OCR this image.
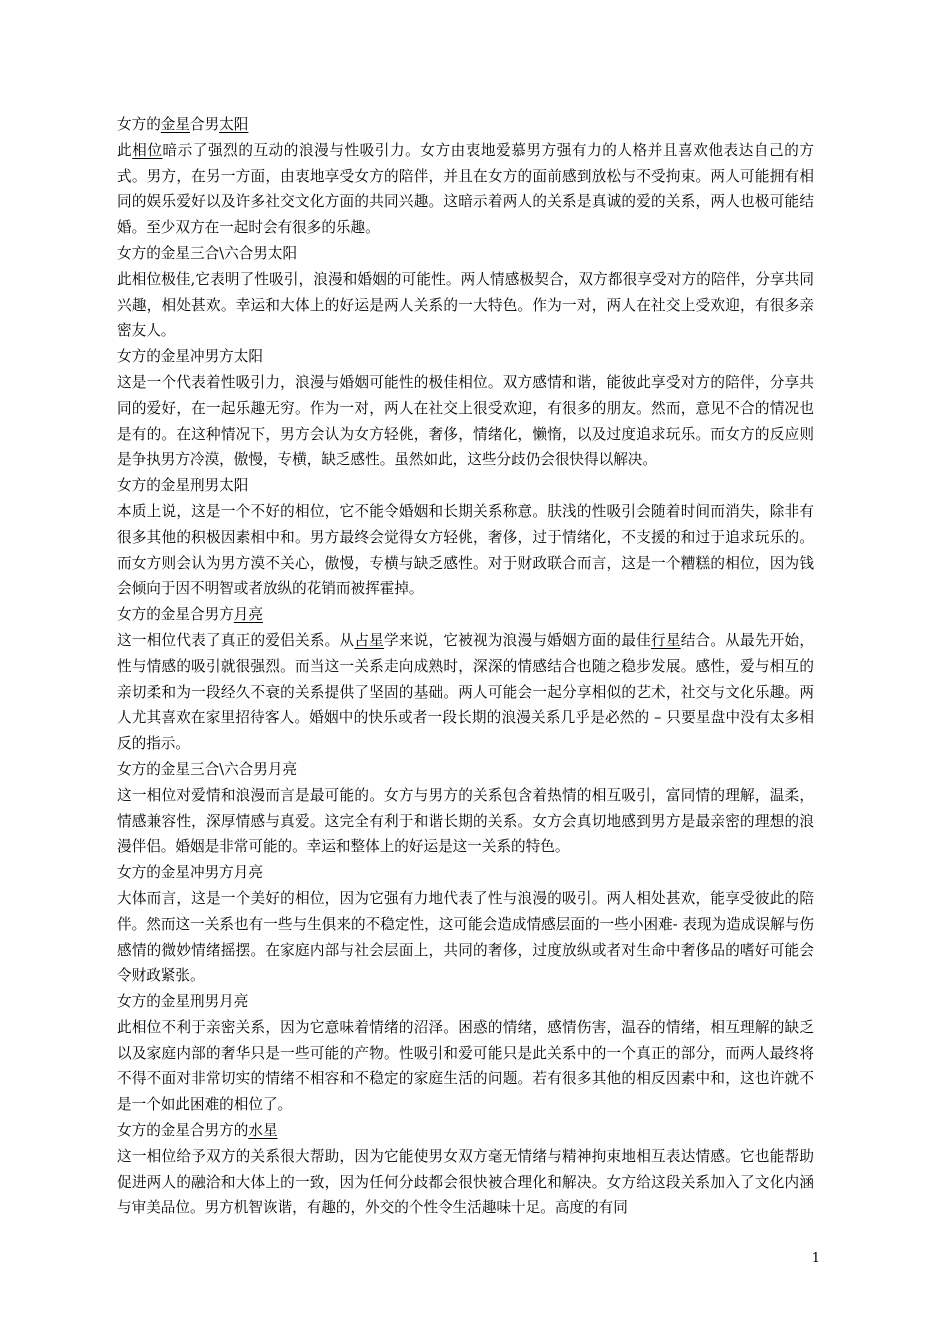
女方的金星合男太阳

此相位暗示了强烈的互动的浪漫与性吸引力。女方由衷地爱慕男方强有力的人格并且喜欢他表达自己的方式。男方，在另一方面，由衷地享受女方的陪伴，并且在女方的面前感到放松与不受拘束。两人可能拥有相同的娱乐爱好以及许多社交文化方面的共同兴趣。这暗示着两人的关系是真诚的爱的关系，两人也极可能结婚。至少双方在一起时会有很多的乐趣。

女方的金星三合\六合男太阳

此相位极佳,它表明了性吸引，浪漫和婚姻的可能性。两人情感极契合，双方都很享受对方的陪伴，分享共同兴趣，相处甚欢。幸运和大体上的好运是两人关系的一大特色。作为一对，两人在社交上受欢迎，有很多亲密友人。

女方的金星冲男方太阳

这是一个代表着性吸引力，浪漫与婚姻可能性的极佳相位。双方感情和谐，能彼此享受对方的陪伴，分享共同的爱好，在一起乐趣无穷。作为一对，两人在社交上很受欢迎，有很多的朋友。然而，意见不合的情况也是有的。在这种情况下，男方会认为女方轻佻，奢侈，情绪化，懒惰，以及过度追求玩乐。而女方的反应则是争执男方冷漠，傲慢，专横，缺乏感性。虽然如此，这些分歧仍会很快得以解决。

女方的金星刑男太阳

本质上说，这是一个不好的相位，它不能令婚姻和长期关系称意。肤浅的性吸引会随着时间而消失，除非有很多其他的积极因素相中和。男方最终会觉得女方轻佻，奢侈，过于情绪化，不支援的和过于追求玩乐的。而女方则会认为男方漠不关心，傲慢，专横与缺乏感性。对于财政联合而言，这是一个糟糕的相位，因为钱会倾向于因不明智或者放纵的花销而被挥霍掉。

女方的金星合男方月亮

这一相位代表了真正的爱侣关系。从占星学来说，它被视为浪漫与婚姻方面的最佳行星结合。从最先开始，性与情感的吸引就很强烈。而当这一关系走向成熟时，深深的情感结合也随之稳步发展。感性，爱与相互的亲切柔和为一段经久不衰的关系提供了坚固的基础。两人可能会一起分享相似的艺术，社交与文化乐趣。两人尤其喜欢在家里招待客人。婚姻中的快乐或者一段长期的浪漫关系几乎是必然的 – 只要星盘中没有太多相反的指示。

女方的金星三合\六合男月亮

这一相位对爱情和浪漫而言是最可能的。女方与男方的关系包含着热情的相互吸引，富同情的理解，温柔，情感兼容性，深厚情感与真爱。这完全有利于和谐长期的关系。女方会真切地感到男方是最亲密的理想的浪漫伴侣。婚姻是非常可能的。幸运和整体上的好运是这一关系的特色。

女方的金星冲男方月亮

大体而言，这是一个美好的相位，因为它强有力地代表了性与浪漫的吸引。两人相处甚欢，能享受彼此的陪伴。然而这一关系也有一些与生俱来的不稳定性，这可能会造成情感层面的一些小困难- 表现为造成误解与伤感情的微妙情绪摇摆。在家庭内部与社会层面上，共同的奢侈，过度放纵或者对生命中奢侈品的嗜好可能会令财政紧张。

女方的金星刑男月亮

此相位不利于亲密关系，因为它意味着情绪的沼泽。困惑的情绪，感情伤害，温吞的情绪，相互理解的缺乏以及家庭内部的奢华只是一些可能的产物。性吸引和爱可能只是此关系中的一个真正的部分，而两人最终将不得不面对非常切实的情绪不相容和不稳定的家庭生活的问题。若有很多其他的相反因素中和，这也许就不是一个如此困难的相位了。

女方的金星合男方的水星

这一相位给予双方的关系很大帮助，因为它能使男女双方毫无情绪与精神拘束地相互表达情感。它也能帮助促进两人的融洽和大体上的一致，因为任何分歧都会很快被合理化和解决。女方给这段关系加入了文化内涵与审美品位。男方机智诙谐，有趣的，外交的个性令生活趣味十足。高度的有同

1
